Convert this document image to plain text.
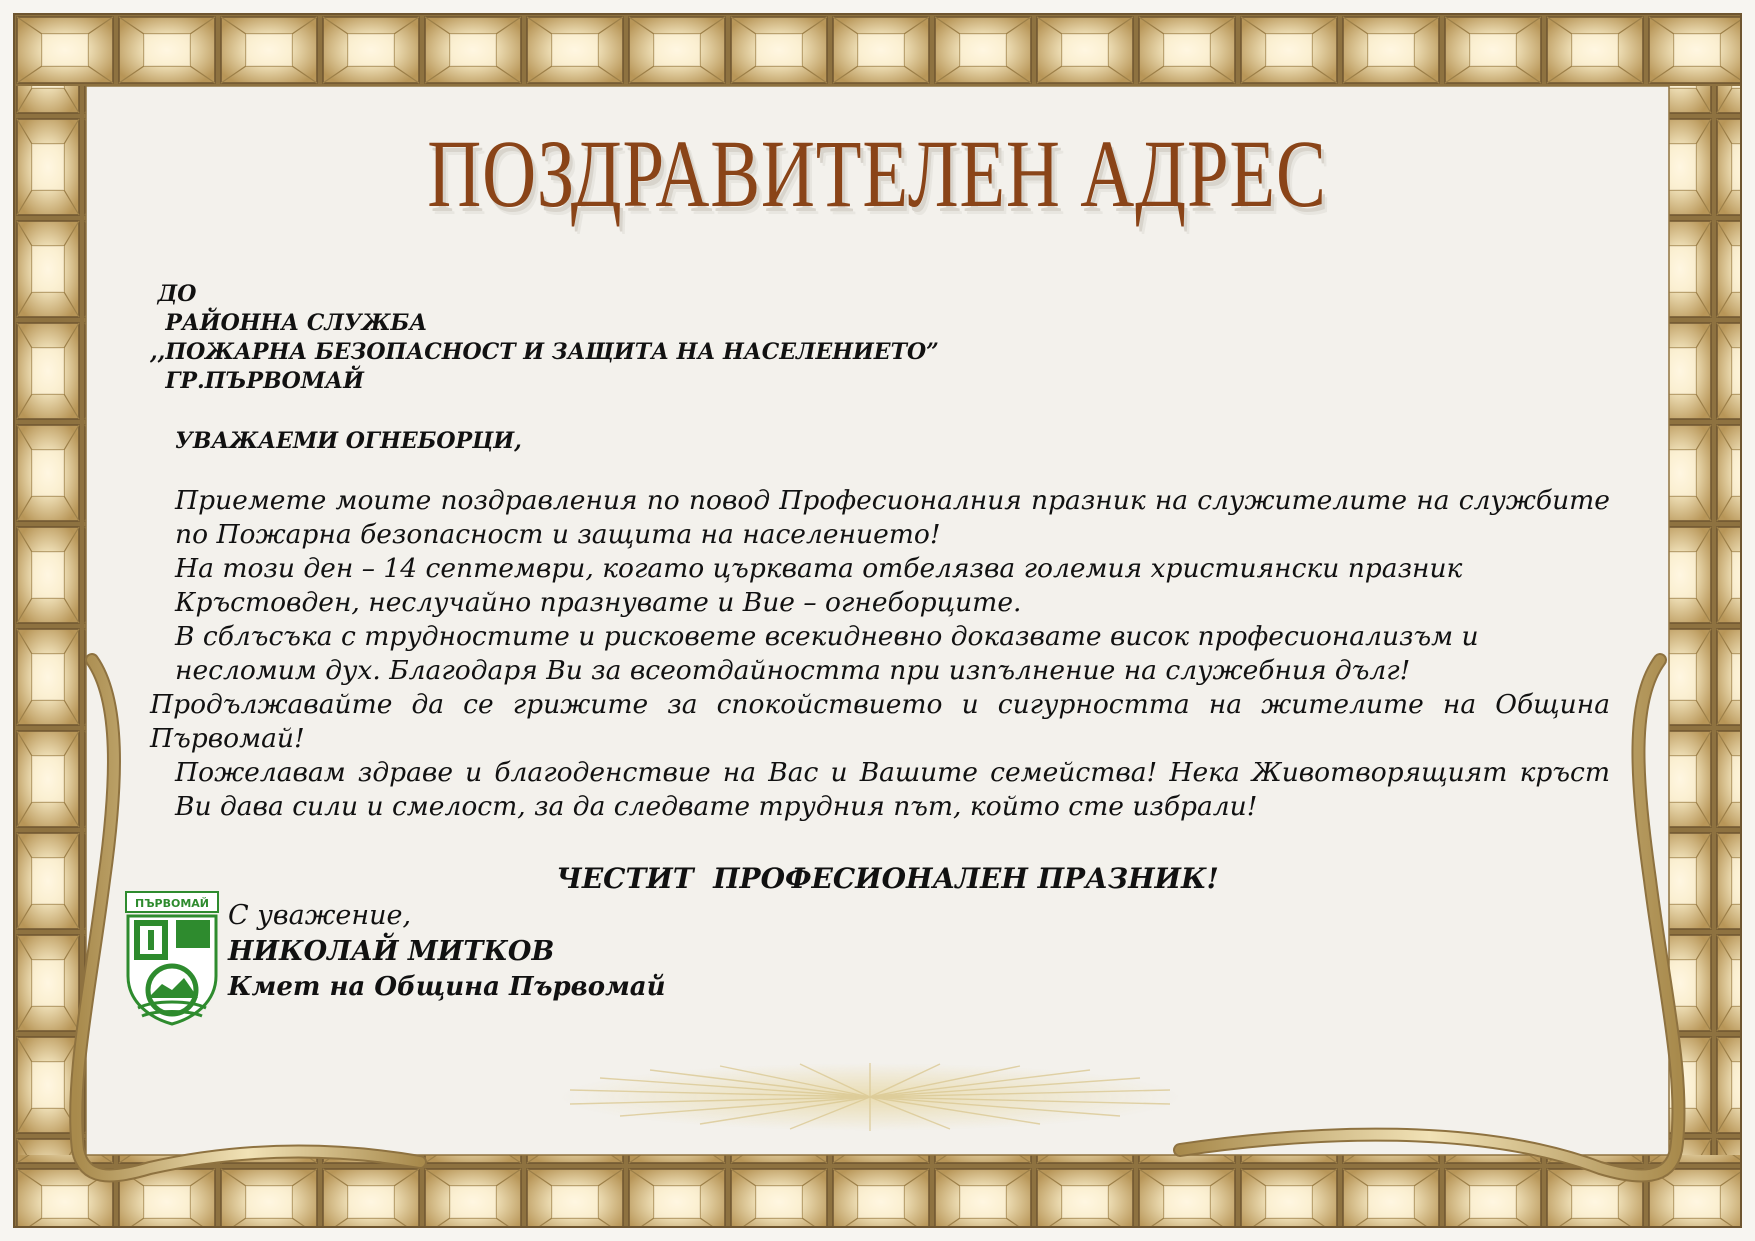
ПОЗДРАВИТЕЛЕН АДРЕС
ДО
РАЙОННА СЛУЖБА
,,ПОЖАРНА БЕЗОПАСНОСТ И ЗАЩИТА НА НАСЕЛЕНИЕТО”
ГР.ПЪРВОМАЙ
УВАЖАЕМИ ОГНЕБОРЦИ,

Приемете моите поздравления по повод Професионалния празник на служителите на службите по Пожарна безопасност и защита на населението!

На този ден – 14 септември, когато църквата отбелязва големия християнски празник Кръстовден, неслучайно празнувате и Вие – огнеборците.

В сблъсъка с трудностите и рисковете всекидневно доказвате висок професионализъм и несломим дух. Благодаря Ви за всеотдайността при изпълнение на служебния дълг!

Продължавайте да се грижите за спокойствието и сигурността на жителите на Община Първомай!

Пожелавам здраве и благоденствие на Вас и Вашите семейства! Нека Животворящият кръст Ви дава сили и смелост, за да следвате трудния път, който сте избрали!

ЧЕСТИТ  ПРОФЕСИОНАЛЕН ПРАЗНИК!
ПЪРВОМАЙ С уважение,
НИКОЛАЙ МИТКОВ
Кмет на Община Първомай
